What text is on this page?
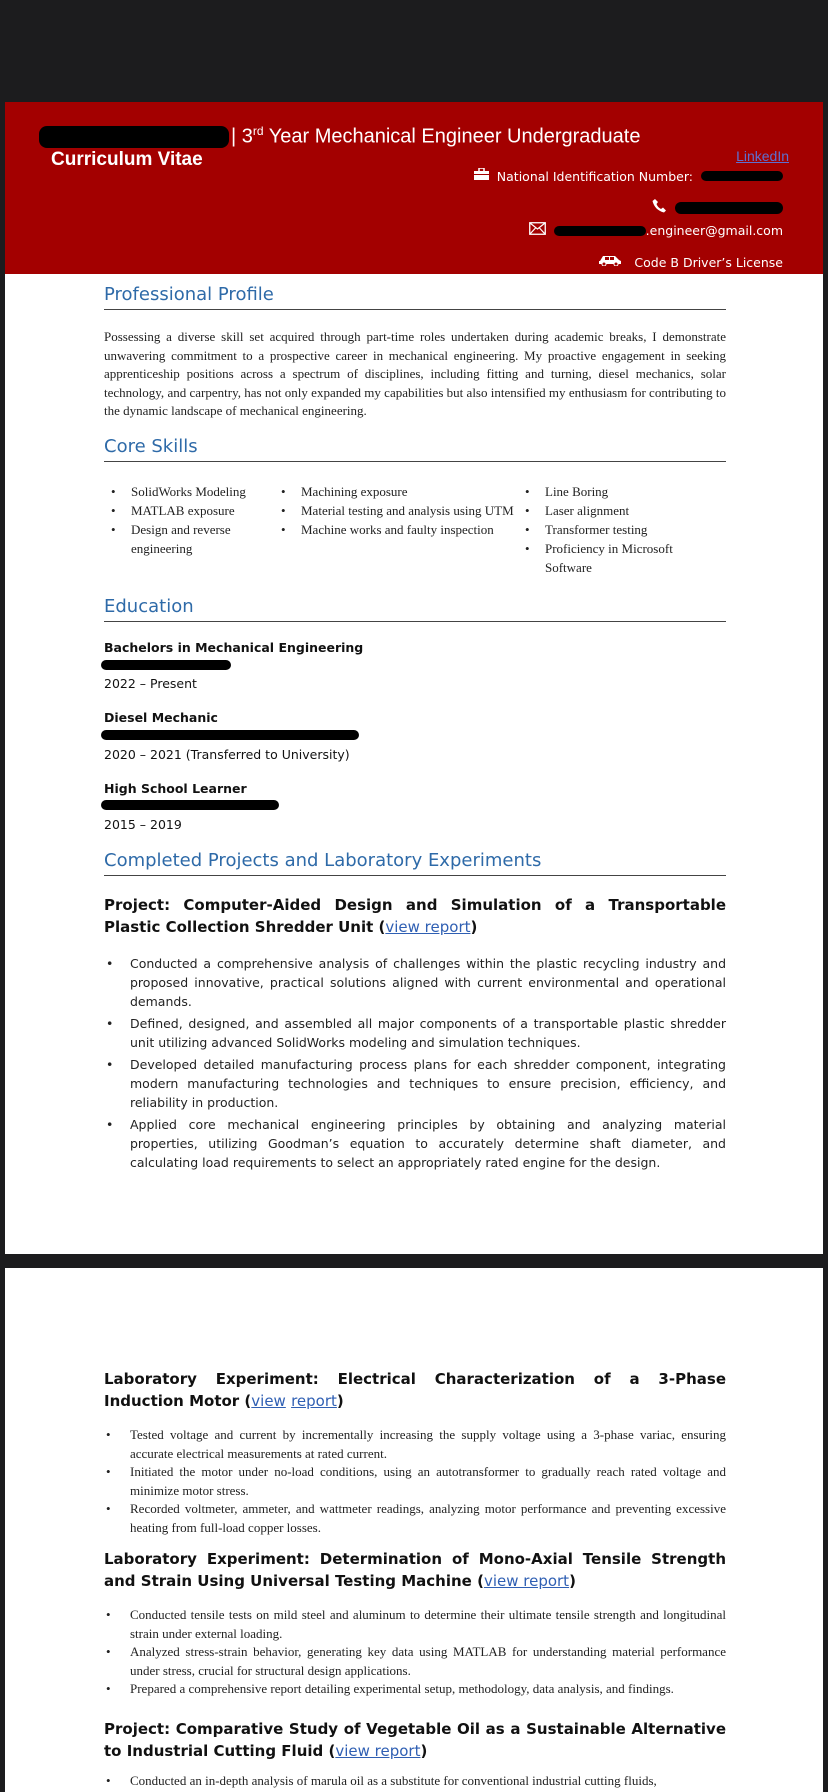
| 3rd Year Mechanical Engineer Undergraduate
Curriculum Vitae	LinkedIn
National Identification Number:
.engineer@gmail.com
Code B Driver’s License
Professional Profile
Possessing a diverse skill set acquired through part-time roles undertaken during academic breaks, I demonstrate unwavering commitment to a prospective career in mechanical engineering. My proactive engagement in seeking apprenticeship positions across a spectrum of disciplines, including fitting and turning, diesel mechanics, solar technology, and carpentry, has not only expanded my capabilities but also intensified my enthusiasm for contributing to the dynamic landscape of mechanical engineering.
Core Skills
• SolidWorks Modeling
• MATLAB exposure
• Design and reverse engineering
• Machining exposure
• Material testing and analysis using UTM
• Machine works and faulty inspection
• Line Boring
• Laser alignment
• Transformer testing
• Proficiency in Microsoft Software
Education
Bachelors in Mechanical Engineering
2022 – Present
Diesel Mechanic
2020 – 2021 (Transferred to University)
High School Learner
2015 – 2019
Completed Projects and Laboratory Experiments
Project: Computer-Aided Design and Simulation of a Transportable Plastic Collection Shredder Unit (view report)
• Conducted a comprehensive analysis of challenges within the plastic recycling industry and proposed innovative, practical solutions aligned with current environmental and operational demands.
• Defined, designed, and assembled all major components of a transportable plastic shredder unit utilizing advanced SolidWorks modeling and simulation techniques.
• Developed detailed manufacturing process plans for each shredder component, integrating modern manufacturing technologies and techniques to ensure precision, efficiency, and reliability in production.
• Applied core mechanical engineering principles by obtaining and analyzing material properties, utilizing Goodman’s equation to accurately determine shaft diameter, and calculating load requirements to select an appropriately rated engine for the design.
Laboratory Experiment: Electrical Characterization of a 3-Phase Induction Motor (view report)
• Tested voltage and current by incrementally increasing the supply voltage using a 3-phase variac, ensuring accurate electrical measurements at rated current.
• Initiated the motor under no-load conditions, using an autotransformer to gradually reach rated voltage and minimize motor stress.
• Recorded voltmeter, ammeter, and wattmeter readings, analyzing motor performance and preventing excessive heating from full-load copper losses.
Laboratory Experiment: Determination of Mono-Axial Tensile Strength and Strain Using Universal Testing Machine (view report)
• Conducted tensile tests on mild steel and aluminum to determine their ultimate tensile strength and longitudinal strain under external loading.
• Analyzed stress-strain behavior, generating key data using MATLAB for understanding material performance under stress, crucial for structural design applications.
• Prepared a comprehensive report detailing experimental setup, methodology, data analysis, and findings.
Project: Comparative Study of Vegetable Oil as a Sustainable Alternative to Industrial Cutting Fluid (view report)
• Conducted an in-depth analysis of marula oil as a substitute for conventional industrial cutting fluids,
